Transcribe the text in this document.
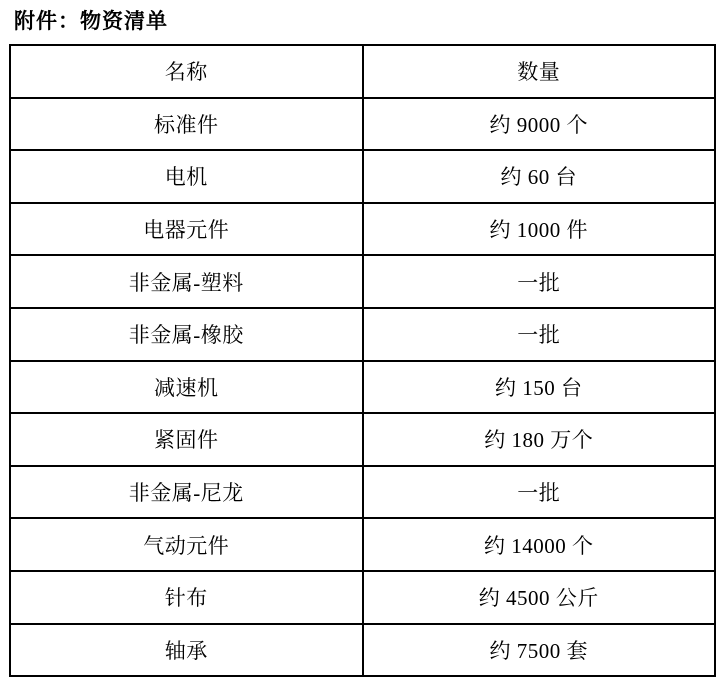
附件：物资清单
名称	数量
标准件	约 9000 个
电机	约 60 台
电器元件	约 1000 件
非金属-塑料	一批
非金属-橡胶	一批
减速机	约 150 台
紧固件	约 180 万个
非金属-尼龙	一批
气动元件	约 14000 个
针布	约 4500 公斤
轴承	约 7500 套
